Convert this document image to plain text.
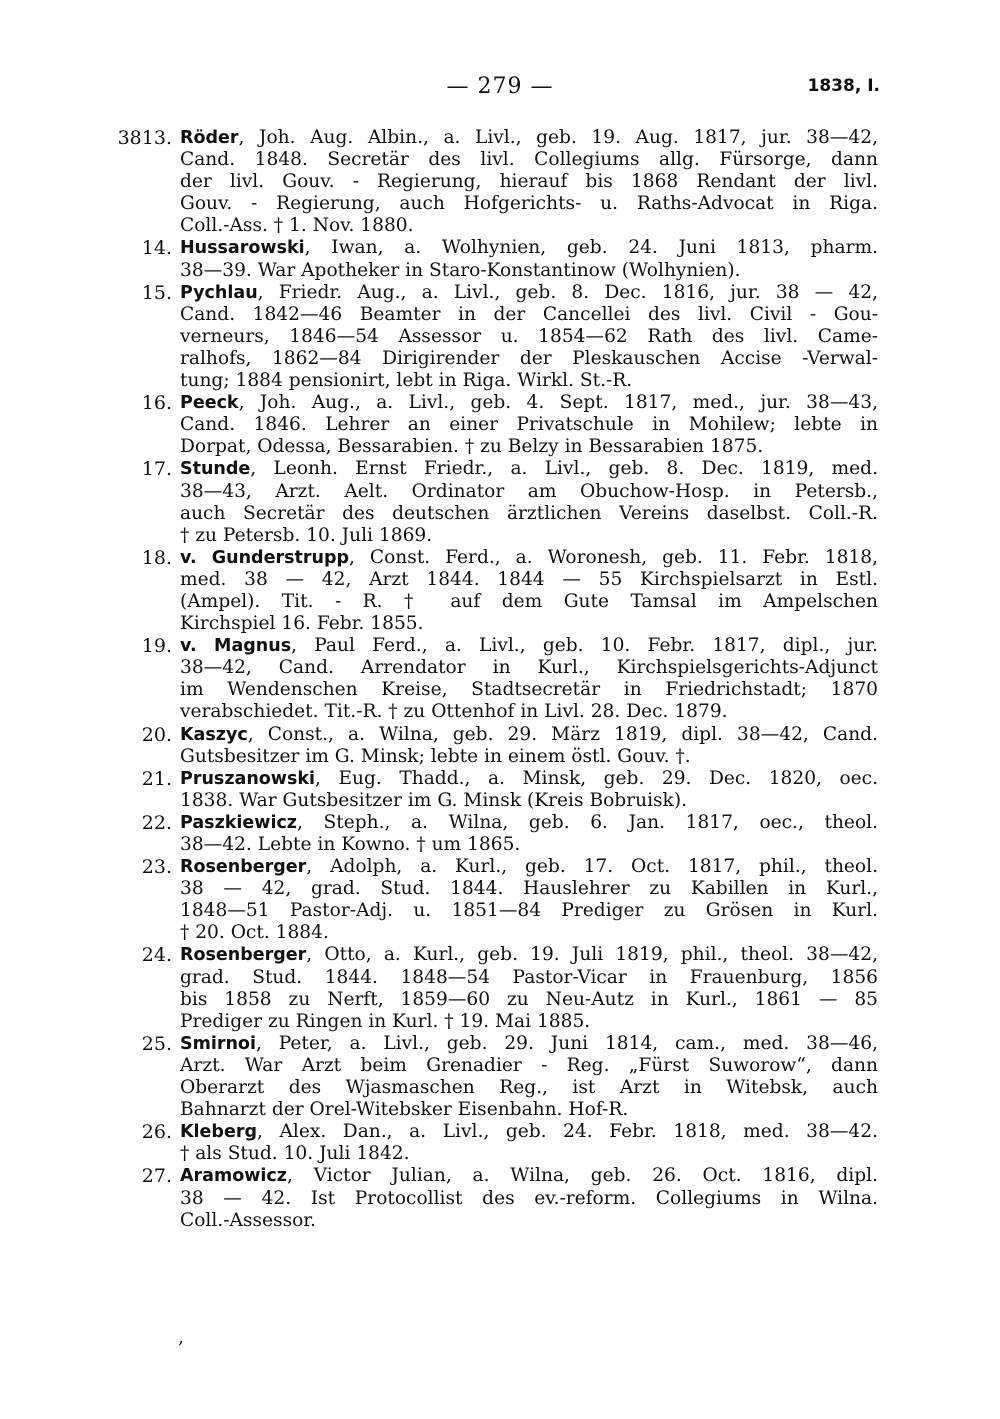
— 279 —	1838, I.
3813. Röder, Joh. Aug. Albin., a. Livl., geb. 19. Aug. 1817, jur. 38—42,
Cand. 1848. Secretär des livl. Collegiums allg. Fürsorge, dann
der livl. Gouv. - Regierung, hierauf bis 1868 Rendant der livl.
Gouv. - Regierung, auch Hofgerichts- u. Raths-Advocat in Riga.
Coll.-Ass. † 1. Nov. 1880.
14. Hussarowski, Iwan, a. Wolhynien, geb. 24. Juni 1813, pharm.
38—39. War Apotheker in Staro-Konstantinow (Wolhynien).
15. Pychlau, Friedr. Aug., a. Livl., geb. 8. Dec. 1816, jur. 38 — 42,
Cand. 1842—46 Beamter in der Cancellei des livl. Civil - Gou-
verneurs, 1846—54 Assessor u. 1854—62 Rath des livl. Came-
ralhofs, 1862—84 Dirigirender der Pleskauschen Accise -Verwal-
tung; 1884 pensionirt, lebt in Riga. Wirkl. St.-R.
16. Peeck, Joh. Aug., a. Livl., geb. 4. Sept. 1817, med., jur. 38—43,
Cand. 1846. Lehrer an einer Privatschule in Mohilew; lebte in
Dorpat, Odessa, Bessarabien. † zu Belzy in Bessarabien 1875.
17. Stunde, Leonh. Ernst Friedr., a. Livl., geb. 8. Dec. 1819, med.
38—43, Arzt. Aelt. Ordinator am Obuchow-Hosp. in Petersb.,
auch Secretär des deutschen ärztlichen Vereins daselbst. Coll.-R.
† zu Petersb. 10. Juli 1869.
18. v. Gunderstrupp, Const. Ferd., a. Woronesh, geb. 11. Febr. 1818,
med. 38 — 42, Arzt 1844. 1844 — 55 Kirchspielsarzt in Estl.
(Ampel). Tit. - R. † auf dem Gute Tamsal im Ampelschen
Kirchspiel 16. Febr. 1855.
19. v. Magnus, Paul Ferd., a. Livl., geb. 10. Febr. 1817, dipl., jur.
38—42, Cand. Arrendator in Kurl., Kirchspielsgerichts-Adjunct
im Wendenschen Kreise, Stadtsecretär in Friedrichstadt; 1870
verabschiedet. Tit.-R. † zu Ottenhof in Livl. 28. Dec. 1879.
20. Kaszyc, Const., a. Wilna, geb. 29. März 1819, dipl. 38—42, Cand.
Gutsbesitzer im G. Minsk; lebte in einem östl. Gouv. †.
21. Pruszanowski, Eug. Thadd., a. Minsk, geb. 29. Dec. 1820, oec.
1838. War Gutsbesitzer im G. Minsk (Kreis Bobruisk).
22. Paszkiewicz, Steph., a. Wilna, geb. 6. Jan. 1817, oec., theol.
38—42. Lebte in Kowno. † um 1865.
23. Rosenberger, Adolph, a. Kurl., geb. 17. Oct. 1817, phil., theol.
38 — 42, grad. Stud. 1844. Hauslehrer zu Kabillen in Kurl.,
1848—51 Pastor-Adj. u. 1851—84 Prediger zu Grösen in Kurl.
† 20. Oct. 1884.
24. Rosenberger, Otto, a. Kurl., geb. 19. Juli 1819, phil., theol. 38—42,
grad. Stud. 1844. 1848—54 Pastor-Vicar in Frauenburg, 1856
bis 1858 zu Nerft, 1859—60 zu Neu-Autz in Kurl., 1861 — 85
Prediger zu Ringen in Kurl. † 19. Mai 1885.
25. Smirnoi, Peter, a. Livl., geb. 29. Juni 1814, cam., med. 38—46,
Arzt. War Arzt beim Grenadier - Reg. „Fürst Suworow“, dann
Oberarzt des Wjasmaschen Reg., ist Arzt in Witebsk, auch
Bahnarzt der Orel-Witebsker Eisenbahn. Hof-R.
26. Kleberg, Alex. Dan., a. Livl., geb. 24. Febr. 1818, med. 38—42.
† als Stud. 10. Juli 1842.
27. Aramowicz, Victor Julian, a. Wilna, geb. 26. Oct. 1816, dipl.
38 — 42. Ist Protocollist des ev.-reform. Collegiums in Wilna.
Coll.-Assessor.
‚
